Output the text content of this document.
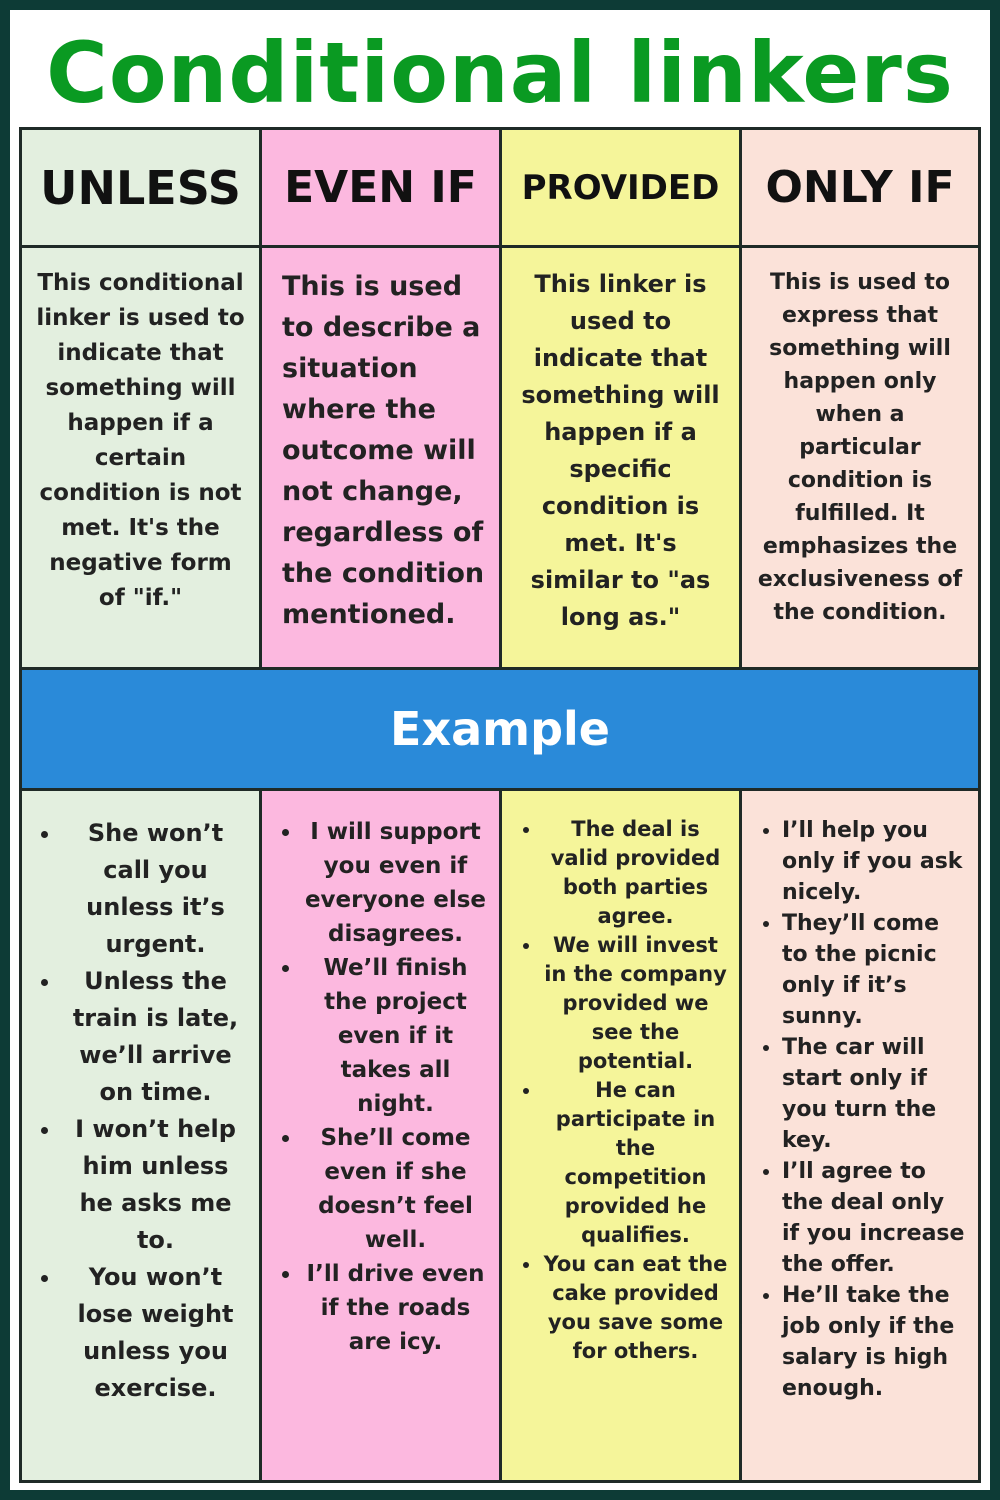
Conditional linkers
UNLESS EVEN IF	PROVIDED	ONLY IF
This conditional linker is used to indicate that something will happen if a certain condition is not met. It's the negative form of "if."
This is used to describe a situation where the outcome will not change, regardless of the condition mentioned.
This linker is used to indicate that something will happen if a specific condition is met. It's similar to "as long as."
This is used to express that something will happen only when a particular condition is fulfilled. It emphasizes the exclusiveness of the condition.
Example
• She won’t call you unless it’s urgent.
• Unless the train is late, we’ll arrive on time.
• I won’t help him unless he asks me to.
• You won’t lose weight unless you exercise.
• I will support you even if everyone else disagrees.
• We’ll finish the project even if it takes all night.
• She’ll come even if she doesn’t feel well.
• I’ll drive even if the roads are icy.
• The deal is valid provided both parties agree.
• We will invest in the company provided we see the potential.
• He can participate in the competition provided he qualifies.
• You can eat the cake provided you save some for others.
• I’ll help you only if you ask nicely.
• They’ll come to the picnic only if it’s sunny.
• The car will start only if you turn the key.
• I’ll agree to the deal only if you increase the offer.
• He’ll take the job only if the salary is high enough.
